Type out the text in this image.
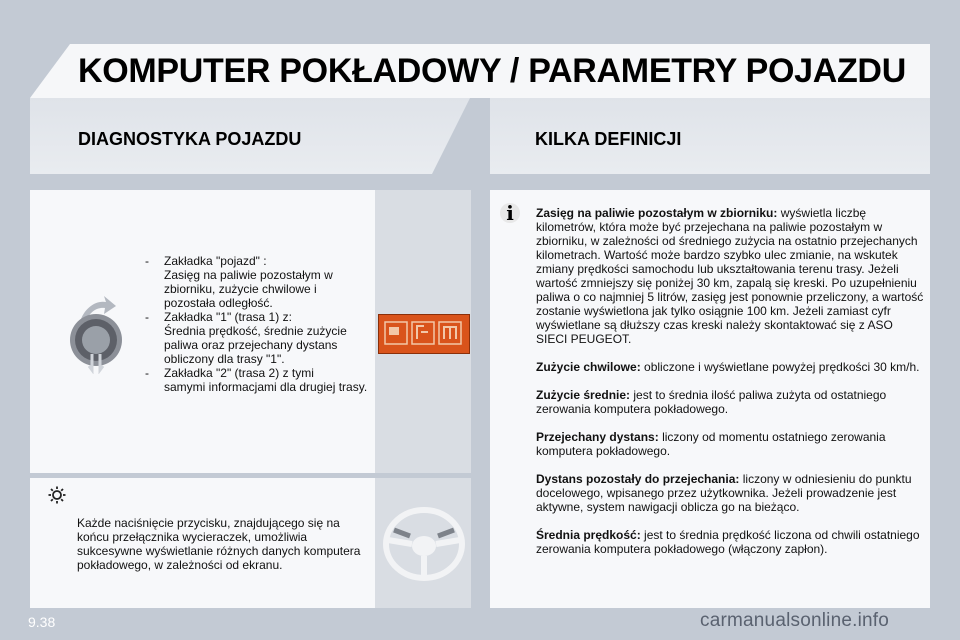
KOMPUTER POKŁADOWY / PARAMETRY POJAZDU
DIAGNOSTYKA POJAZDU	KILKA DEFINICJI
- Zakładka "pojazd" :
Zasięg na paliwie pozostałym w zbiorniku, zużycie chwilowe i pozostała odległość.
- Zakładka "1" (trasa 1) z:
Średnia prędkość, średnie zużycie paliwa oraz przejechany dystans obliczony dla trasy "1".
- Zakładka "2" (trasa 2) z tymi
samymi informacjami dla drugiej trasy.
i	Zasięg na paliwie pozostałym w zbiorniku: wyświetla liczbę kilometrów, która może być przejechana na paliwie pozostałym w zbiorniku, w zależności od średniego zużycia na ostatnio przejechanych kilometrach. Wartość może bardzo szybko ulec zmianie, na wskutek zmiany prędkości samochodu lub ukształtowania terenu trasy. Jeżeli wartość zmniejszy się poniżej 30 km, zapalą się kreski. Po uzupełnieniu paliwa o co najmniej 5 litrów, zasięg jest ponownie przeliczony, a wartość zostanie wyświetlona jak tylko osiągnie 100 km. Jeżeli zamiast cyfr wyświetlane są dłuższy czas kreski należy skontaktować się z ASO SIECI PEUGEOT.

Zużycie chwilowe: obliczone i wyświetlane powyżej prędkości 30 km/h.

Zużycie średnie: jest to średnia ilość paliwa zużyta od ostatniego zerowania komputera pokładowego.

Przejechany dystans: liczony od momentu ostatniego zerowania komputera pokładowego.

Dystans pozostały do przejechania: liczony w odniesieniu do punktu docelowego, wpisanego przez użytkownika. Jeżeli prowadzenie jest aktywne, system nawigacji oblicza go na bieżąco.

Średnia prędkość: jest to średnia prędkość liczona od chwili ostatniego zerowania komputera pokładowego (włączony zapłon).

Każde naciśnięcie przycisku, znajdującego się na końcu przełącznika wycieraczek, umożliwia sukcesywne wyświetlanie różnych danych komputera pokładowego, w zależności od ekranu.
9.38	carmanualsonline.info
